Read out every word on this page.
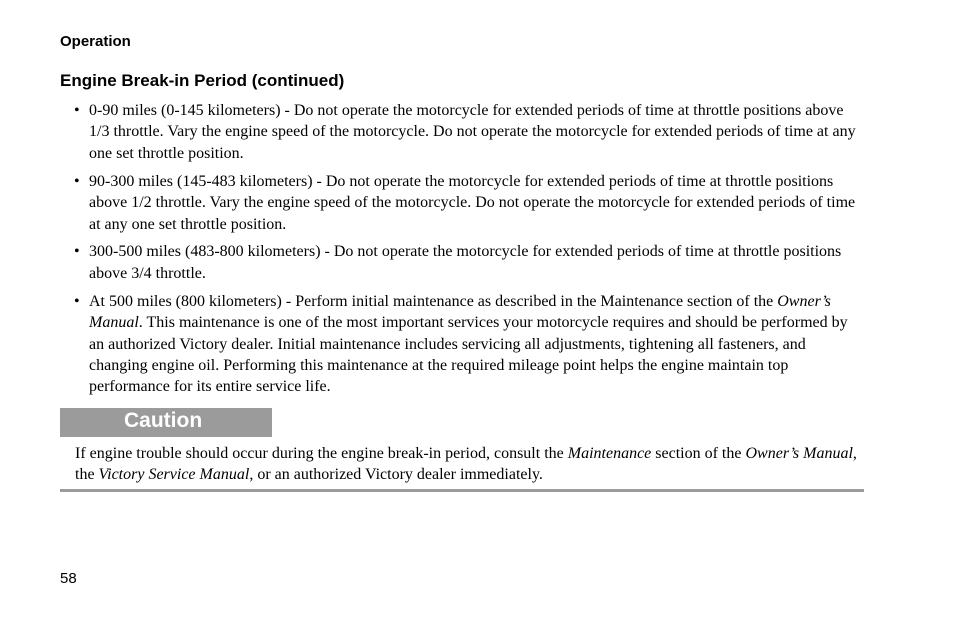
Operation
Engine Break-in Period (continued)
• 0-90 miles (0-145 kilometers) - Do not operate the motorcycle for extended periods of time at throttle positions above 1/3 throttle. Vary the engine speed of the motorcycle. Do not operate the motorcycle for extended periods of time at any one set throttle position.
• 90-300 miles (145-483 kilometers) - Do not operate the motorcycle for extended periods of time at throttle positions above 1/2 throttle. Vary the engine speed of the motorcycle. Do not operate the motorcycle for extended periods of time at any one set throttle position.
• 300-500 miles (483-800 kilometers) - Do not operate the motorcycle for extended periods of time at throttle positions above 3/4 throttle.
• At 500 miles (800 kilometers) - Perform initial maintenance as described in the Maintenance section of the Owner’s Manual. This maintenance is one of the most important services your motorcycle requires and should be performed by an authorized Victory dealer. Initial maintenance includes servicing all adjustments, tightening all fasteners, and changing engine oil. Performing this maintenance at the required mileage point helps the engine maintain top performance for its entire service life.
Caution

If engine trouble should occur during the engine break-in period, consult the Maintenance section of the Owner’s Manual, the Victory Service Manual, or an authorized Victory dealer immediately.

58
